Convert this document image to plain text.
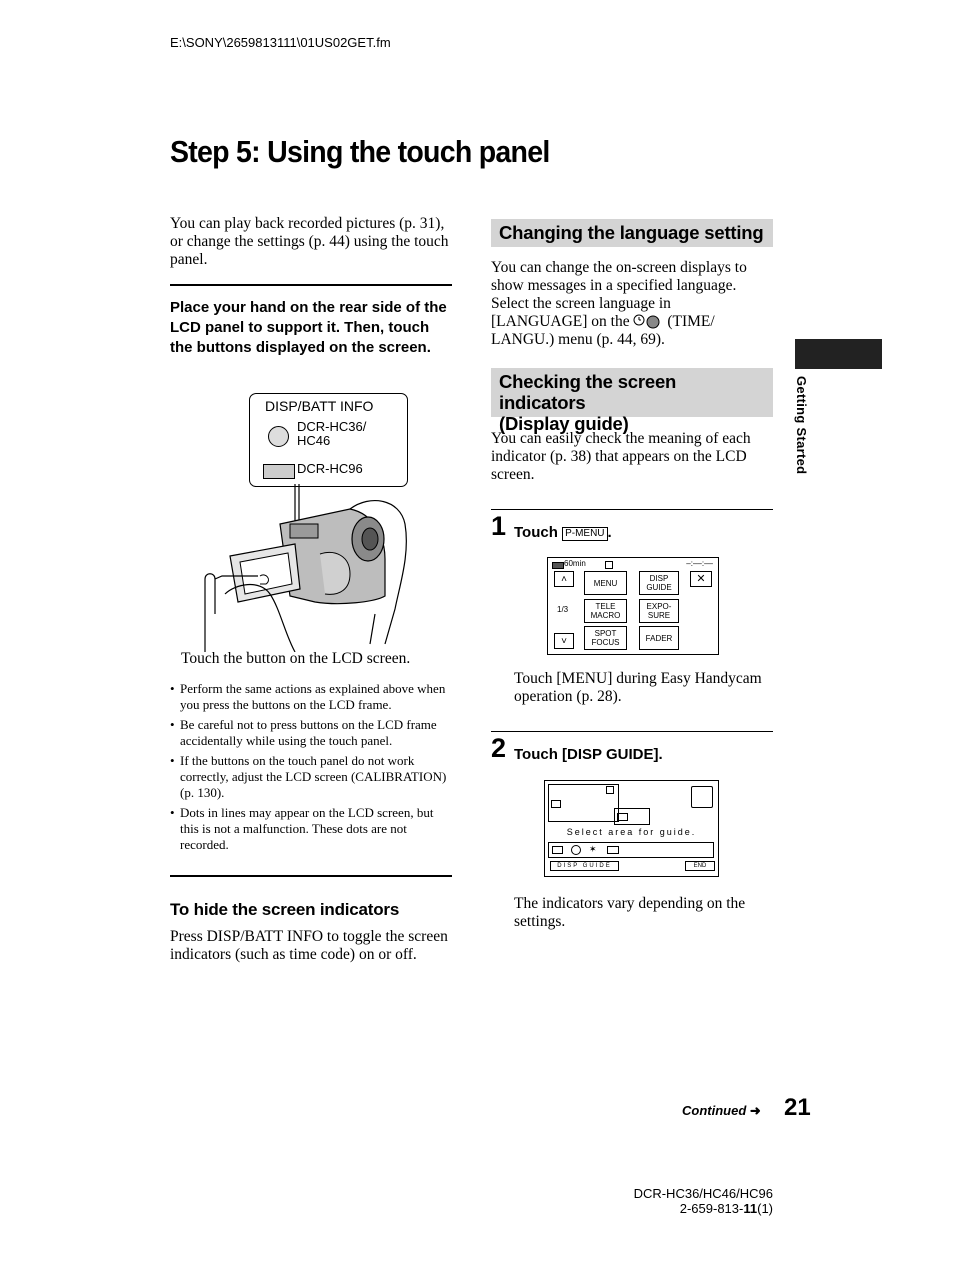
E:\SONY\2659813111\01US02GET.fm
Step 5: Using the touch panel
You can play back recorded pictures (p. 31), or change the settings (p. 44) using the touch panel.
Place your hand on the rear side of the LCD panel to support it. Then, touch the buttons displayed on the screen.
DISP/BATT INFO
DCR-HC36/
HC46
DCR-HC96
Touch the button on the LCD screen.
• Perform the same actions as explained above when you press the buttons on the LCD frame.
• Be careful not to press buttons on the LCD frame accidentally while using the touch panel.
• If the buttons on the touch panel do not work correctly, adjust the LCD screen (CALIBRATION) (p. 130).
• Dots in lines may appear on the LCD screen, but this is not a malfunction. These dots are not recorded.
To hide the screen indicators
Press DISP/BATT INFO to toggle the screen indicators (such as time code) on or off.
Changing the language setting
You can change the on-screen displays to show messages in a specified language. Select the screen language in [LANGUAGE] on the (TIME/ LANGU.) menu (p. 44, 69).
Checking the screen indicators
(Display guide)
You can easily check the meaning of each indicator (p. 38) that appears on the LCD screen.
1 Touch P-MENU .
60min	–:––:––
˄
1/3
˅
MENU	DISP
GUIDE
✕
TELE
MACRO
EXPO-
SURE
SPOT
FOCUS	FADER
Touch [MENU] during Easy Handycam operation (p. 28).
2 Touch [DISP GUIDE].
Select area for guide.
✶
DISP GUIDE	END
The indicators vary depending on the settings.
Getting Started
Continued ➜ 21
DCR-HC36/HC46/HC96
2-659-813-11(1)
